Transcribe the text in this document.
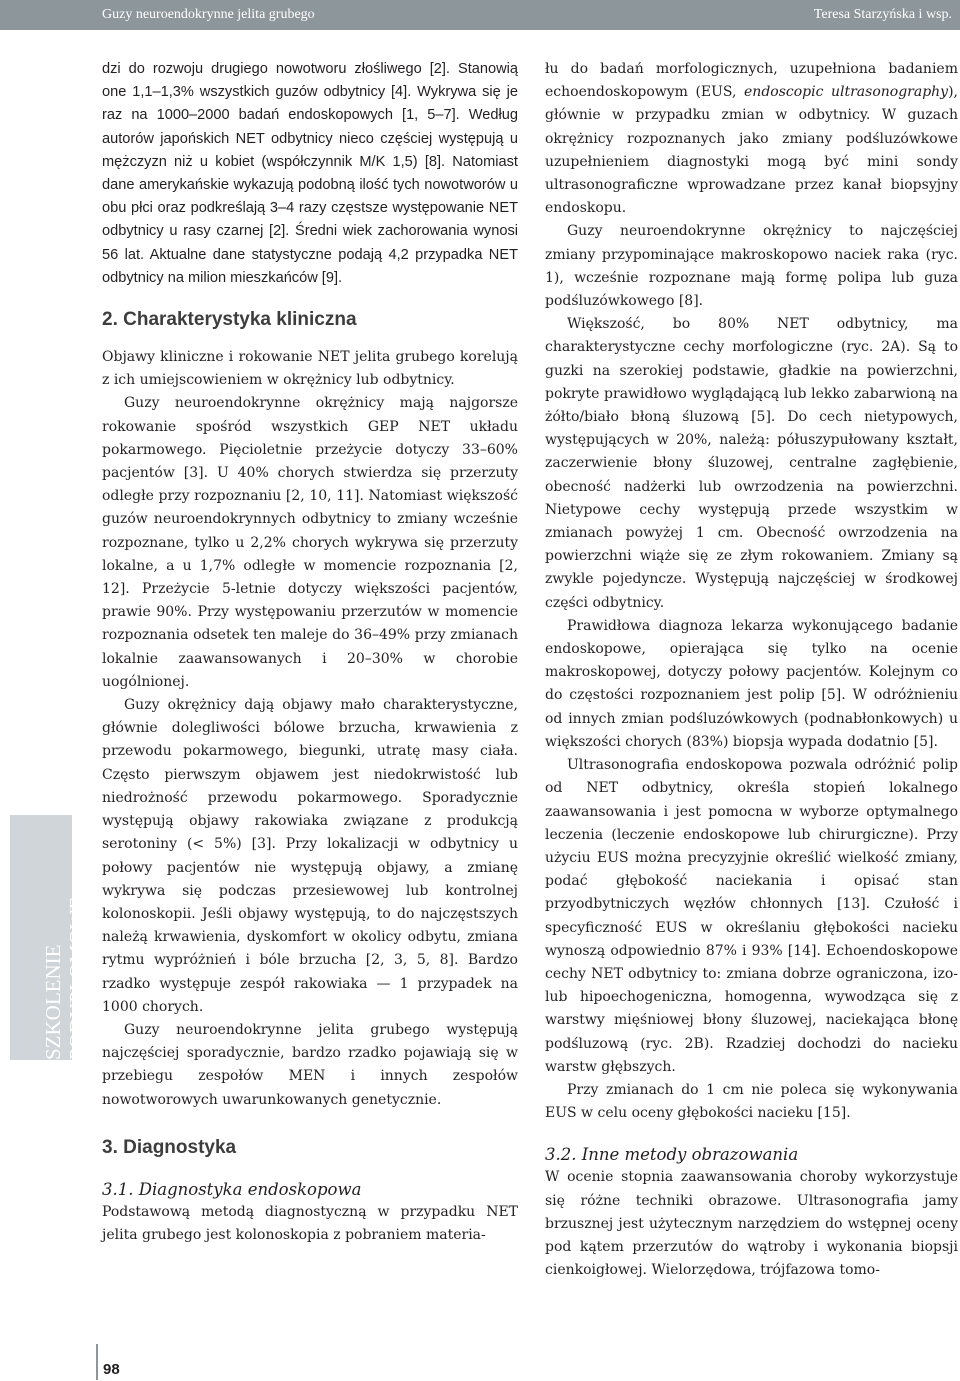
Guzy neuroendokrynne jelita grubego	Teresa Starzyńska i wsp.
SZKOLENIE PODYPLOMOWE

dzi do rozwoju drugiego nowotworu złośliwego [2]. Stanowią one 1,1–1,3% wszystkich guzów odbytnicy [4]. Wykrywa się je raz na 1000–2000 badań endoskopowych [1, 5–7]. Według autorów japońskich NET odbytnicy nieco częściej występują u mężczyzn niż u kobiet (współczynnik M/K 1,5) [8]. Natomiast dane amerykańskie wykazują podobną ilość tych nowotworów u obu płci oraz podkreślają 3–4 razy częstsze występowanie NET odbytnicy u rasy czarnej [2]. Średni wiek zachorowania wynosi 56 lat. Aktualne dane statystyczne podają 4,2 przypadka NET odbytnicy na milion mieszkańców [9].

2. Charakterystyka kliniczna

Objawy kliniczne i rokowanie NET jelita grubego korelują z ich umiejscowieniem w okrężnicy lub odbytnicy.

Guzy neuroendokrynne okrężnicy mają najgorsze rokowanie spośród wszystkich GEP NET układu pokarmowego. Pięcioletnie przeżycie dotyczy 33–60% pacjentów [3]. U 40% chorych stwierdza się przerzuty odległe przy rozpoznaniu [2, 10, 11]. Natomiast większość guzów neuroendokrynnych odbytnicy to zmiany wcześnie rozpoznane, tylko u 2,2% chorych wykrywa się przerzuty lokalne, a u 1,7% odległe w momencie rozpoznania [2, 12]. Przeżycie 5-letnie dotyczy większości pacjentów, prawie 90%. Przy występowaniu przerzutów w momencie rozpoznania odsetek ten maleje do 36–49% przy zmianach lokalnie zaawansowanych i 20–30% w chorobie uogólnionej.

Guzy okrężnicy dają objawy mało charakterystyczne, głównie dolegliwości bólowe brzucha, krwawienia z przewodu pokarmowego, biegunki, utratę masy ciała. Często pierwszym objawem jest niedokrwistość lub niedrożność przewodu pokarmowego. Sporadycznie występują objawy rakowiaka związane z produkcją serotoniny (< 5%) [3]. Przy lokalizacji w odbytnicy u połowy pacjentów nie występują objawy, a zmianę wykrywa się podczas przesiewowej lub kontrolnej kolonoskopii. Jeśli objawy występują, to do najczęstszych należą krwawienia, dyskomfort w okolicy odbytu, zmiana rytmu wypróżnień i bóle brzucha [2, 3, 5, 8]. Bardzo rzadko występuje zespół rakowiaka — 1 przypadek na 1000 chorych.

Guzy neuroendokrynne jelita grubego występują najczęściej sporadycznie, bardzo rzadko pojawiają się w przebiegu zespołów MEN i innych zespołów nowotworowych uwarunkowanych genetycznie.

3. Diagnostyka
3.1. Diagnostyka endoskopowa

Podstawową metodą diagnostyczną w przypadku NET jelita grubego jest kolonoskopia z pobraniem materia-

łu do badań morfologicznych, uzupełniona badaniem echoendoskopowym (EUS, endoscopic ultrasonography), głównie w przypadku zmian w odbytnicy. W guzach okrężnicy rozpoznanych jako zmiany podśluzówkowe uzupełnieniem diagnostyki mogą być mini sondy ultrasonograficzne wprowadzane przez kanał biopsyjny endoskopu.

Guzy neuroendokrynne okrężnicy to najczęściej zmiany przypominające makroskopowo naciek raka (ryc. 1), wcześnie rozpoznane mają formę polipa lub guza podśluzówkowego [8].

Większość, bo 80% NET odbytnicy, ma charakterystyczne cechy morfologiczne (ryc. 2A). Są to guzki na szerokiej podstawie, gładkie na powierzchni, pokryte prawidłowo wyglądającą lub lekko zabarwioną na żółto/biało błoną śluzową [5]. Do cech nietypowych, występujących w 20%, należą: półuszypułowany kształt, zaczerwienie błony śluzowej, centralne zagłębienie, obecność nadżerki lub owrzodzenia na powierzchni. Nietypowe cechy występują przede wszystkim w zmianach powyżej 1 cm. Obecność owrzodzenia na powierzchni wiąże się ze złym rokowaniem. Zmiany są zwykle pojedyncze. Występują najczęściej w środkowej części odbytnicy.

Prawidłowa diagnoza lekarza wykonującego badanie endoskopowe, opierająca się tylko na ocenie makroskopowej, dotyczy połowy pacjentów. Kolejnym co do częstości rozpoznaniem jest polip [5]. W odróżnieniu od innych zmian podśluzówkowych (podnabłonkowych) u większości chorych (83%) biopsja wypada dodatnio [5].

Ultrasonografia endoskopowa pozwala odróżnić polip od NET odbytnicy, określa stopień lokalnego zaawansowania i jest pomocna w wyborze optymalnego leczenia (leczenie endoskopowe lub chirurgiczne). Przy użyciu EUS można precyzyjnie określić wielkość zmiany, podać głębokość naciekania i opisać stan przyodbytniczych węzłów chłonnych [13]. Czułość i specyficzność EUS w określaniu głębokości nacieku wynoszą odpowiednio 87% i 93% [14]. Echoendoskopowe cechy NET odbytnicy to: zmiana dobrze ograniczona, izo- lub hipoechogeniczna, homogenna, wywodząca się z warstwy mięśniowej błony śluzowej, naciekająca błonę podśluzową (ryc. 2B). Rzadziej dochodzi do nacieku warstw głębszych.

Przy zmianach do 1 cm nie poleca się wykonywania EUS w celu oceny głębokości nacieku [15].

3.2. Inne metody obrazowania

W ocenie stopnia zaawansowania choroby wykorzystuje się różne techniki obrazowe. Ultrasonografia jamy brzusznej jest użytecznym narzędziem do wstępnej oceny pod kątem przerzutów do wątroby i wykonania biopsji cienkoigłowej. Wielorzędowa, trójfazowa tomo-

98
